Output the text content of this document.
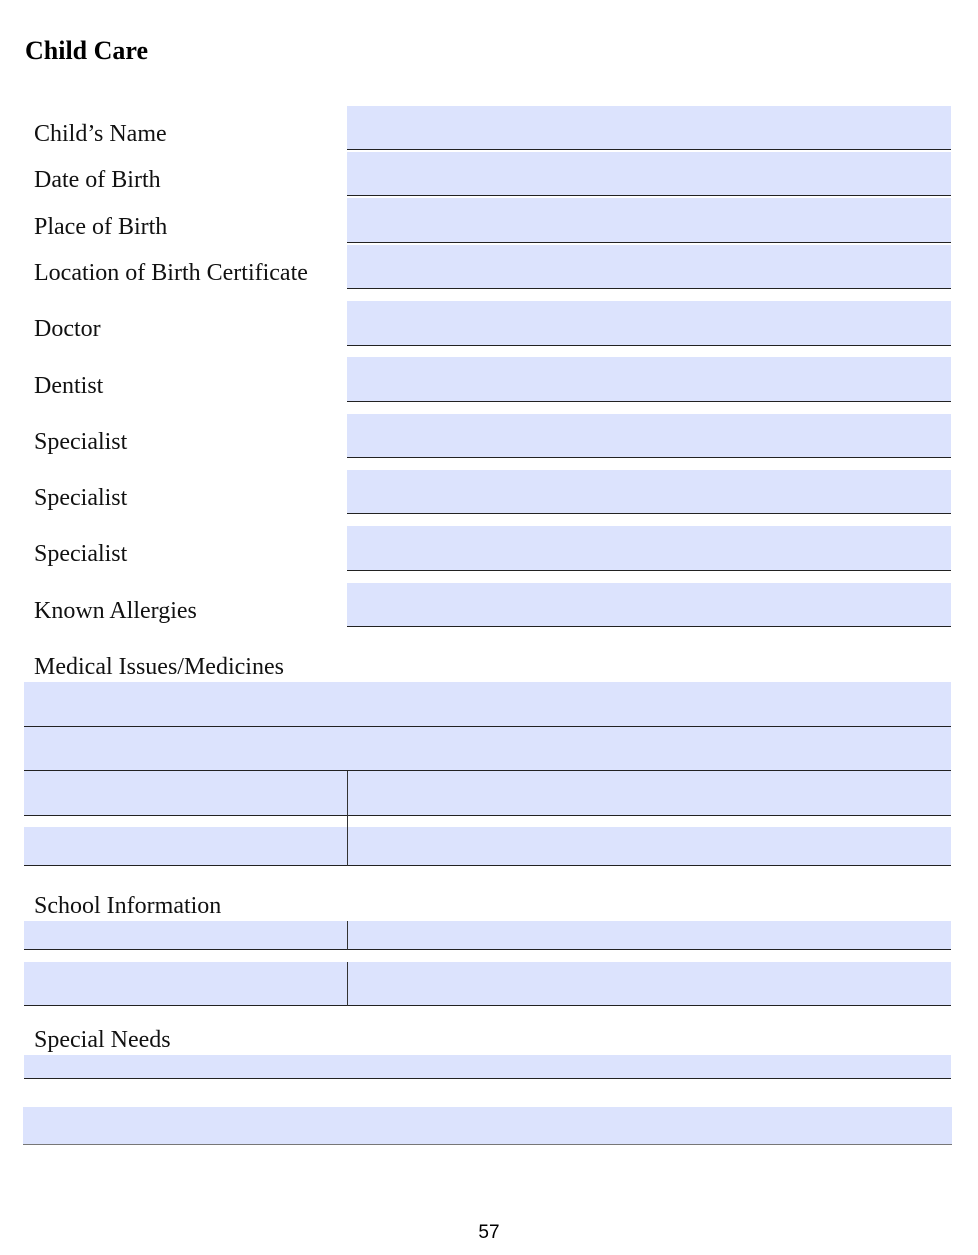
Child Care
Child’s Name
Date of Birth
Place of Birth
Location of Birth Certificate
Doctor
Dentist
Specialist
Specialist
Specialist
Known Allergies
Medical Issues/Medicines
School Information
Special Needs
57
